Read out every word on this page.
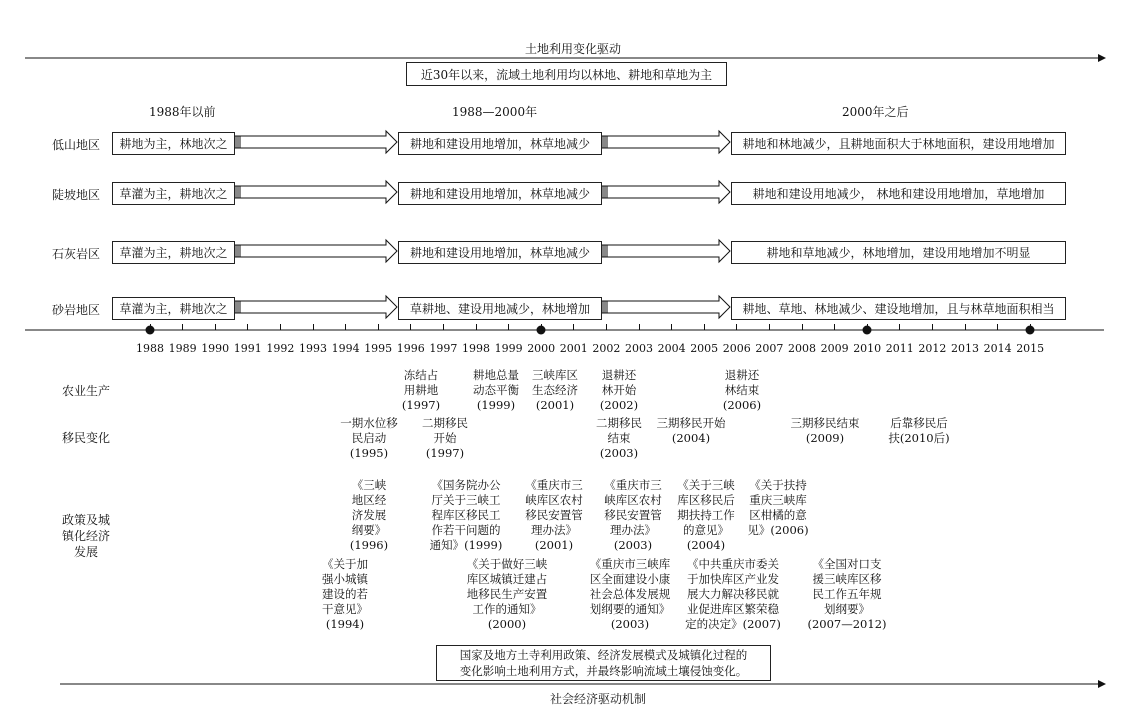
土地利用变化驱动
近30年以来，流域土地利用均以林地、耕地和草地为主
1988年以前	1988—2000年	2000年之后
低山地区	耕地为主，林地次之	耕地和建设用地增加，林草地减少	耕地和林地减少，且耕地面积大于林地面积，建设用地增加
陡坡地区	草灌为主，耕地次之	耕地和建设用地增加，林草地减少	耕地和建设用地减少， 林地和建设用地增加，草地增加
石灰岩区	草灌为主，耕地次之	耕地和建设用地增加，林草地减少	耕地和草地减少，林地增加，建设用地增加不明显
砂岩地区	草灌为主，耕地次之	草耕地、建设用地减少，林地增加	耕地、草地、林地减少、建设地增加，且与林草地面积相当
1988 1989 1990 1991 1992 1993 1994 1995 1996 1997 1998 1999 2000 2001 2002 2003 2004 2005 2006 2007 2008 2009 2010 2011 2012 2013 2014 2015
农业生产
移民变化
政策及城镇化经济发展
冻结占
用耕地
(1997)
耕地总量
动态平衡
(1999)
三峡库区
生态经济
(2001)
退耕还
林开始
(2002)
退耕还
林结束
(2006)
一期水位移
民启动
(1995)
二期移民
开始
(1997)
二期移民
结束
(2003)
三期移民开始
(2004)
三期移民结束
(2009)
后靠移民后
扶(2010后)
《三峡
地区经
济发展
纲要》
(1996)
《国务院办公
厅关于三峡工
程库区移民工
作若干问题的
通知》(1999)
《重庆市三
峡库区农村
移民安置管
理办法》
(2001)
《重庆市三
峡库区农村
移民安置管
理办法》
(2003)
《关于三峡
库区移民后
期扶持工作
的意见》
(2004)
《关于扶持
重庆三峡库
区柑橘的意
见》(2006)
《关于加
强小城镇
建设的若
干意见》
(1994)
《关于做好三峡
库区城镇迁建占
地移民生产安置
工作的通知》
(2000)
《重庆市三峡库
区全面建设小康
社会总体发展规
划纲要的通知》
(2003)
《中共重庆市委关
于加快库区产业发
展大力解决移民就
业促进库区繁荣稳
定的决定》(2007)
《全国对口支
援三峡库区移
民工作五年规
划纲要》
(2007—2012)
国家及地方土寺利用政策、经济发展模式及城镇化过程的
变化影响土地利用方式，并最终影响流域土壤侵蚀变化。
社会经济驱动机制
